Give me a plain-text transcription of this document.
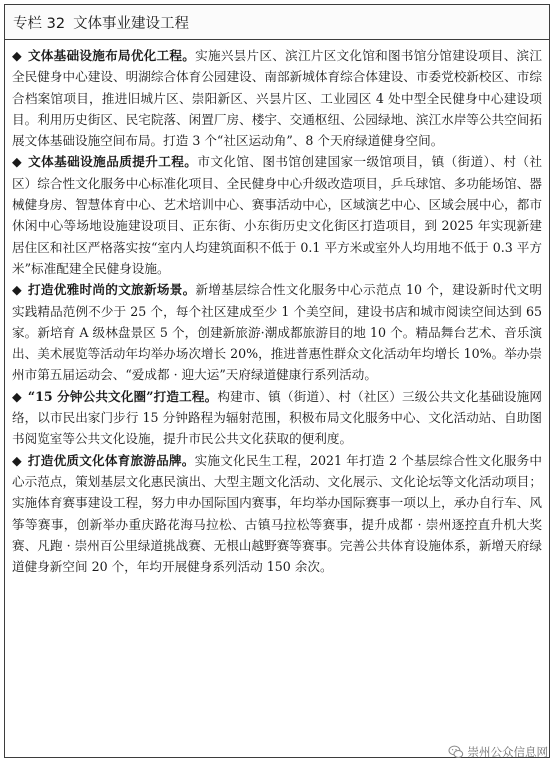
专栏 32 文体事业建设工程

◆ 文体基础设施布局优化工程。实施兴昙片区、滨江片区文化馆和图书馆分馆建设项目、滨江全民健身中心建设、明湖综合体育公园建设、南部新城体育综合体建设、市委党校新校区、市综合档案馆项目，推进旧城片区、崇阳新区、兴昙片区、工业园区 4 处中型全民健身中心建设项目。利用历史街区、民宅院落、闲置厂房、楼宇、交通枢纽、公园绿地、滨江水岸等公共空间拓展文体基础设施空间布局。打造 3 个“社区运动角”、8 个天府绿道健身空间。

◆ 文体基础设施品质提升工程。市文化馆、图书馆创建国家一级馆项目，镇（街道）、村（社区）综合性文化服务中心标准化项目、全民健身中心升级改造项目，乒乓球馆、多功能场馆、器械健身房、智慧体育中心、艺术培训中心、赛事活动中心，区域演艺中心、区域会展中心，都市休闲中心等场地设施建设项目、正东街、小东街历史文化街区打造项目，到 2025 年实现新建居住区和社区严格落实按“室内人均建筑面积不低于 0.1 平方米或室外人均用地不低于 0.3 平方米”标准配建全民健身设施。

◆ 打造优雅时尚的文旅新场景。新增基层综合性文化服务中心示范点 10 个，建设新时代文明实践精品范例不少于 25 个，每个社区建成至少 1 个美空间，建设书店和城市阅读空间达到 65 家。新培育 A 级林盘景区 5 个，创建新旅游·潮成都旅游目的地 10 个。精品舞台艺术、音乐演出、美术展览等活动年均举办场次增长 20%，推进普惠性群众文化活动年均增长 10%。举办崇州市第五届运动会、“爱成都 · 迎大运”天府绿道健康行系列活动。

◆ “15 分钟公共文化圈”打造工程。构建市、镇（街道）、村（社区）三级公共文化基础设施网络，以市民出家门步行 15 分钟路程为辐射范围，积极布局文化服务中心、文化活动站、自助图书阅览室等公共文化设施，提升市民公共文化获取的便利度。

◆ 打造优质文化体育旅游品牌。实施文化民生工程，2021 年打造 2 个基层综合性文化服务中心示范点，策划基层文化惠民演出、大型主题文化活动、文化展示、文化论坛等文化活动项目；实施体育赛事建设工程，努力申办国际国内赛事，年均举办国际赛事一项以上，承办自行车、风筝等赛事，创新举办重庆路花海马拉松、古镇马拉松等赛事，提升成都 · 崇州逐控直升机大奖赛、凡跑 · 崇州百公里绿道挑战赛、无根山越野赛等赛事。完善公共体育设施体系，新增天府绿道健身新空间 20 个，年均开展健身系列活动 150 余次。

崇州公众信息网
